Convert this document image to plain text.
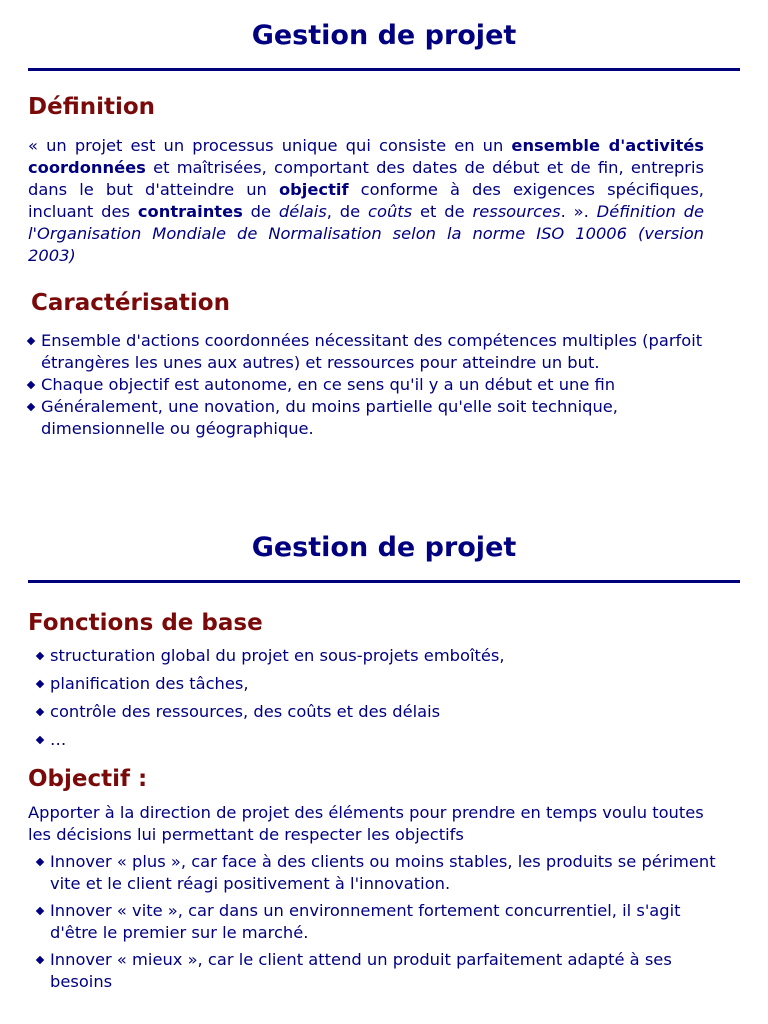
Gestion de projet
Définition

« un projet est un processus unique qui consiste en un ensemble d'activités coordonnées et maîtrisées, comportant des dates de début et de fin, entrepris dans le but d'atteindre un objectif conforme à des exigences spécifiques, incluant des contraintes de délais, de coûts et de ressources. ». Définition de l'Organisation Mondiale de Normalisation selon la norme ISO 10006 (version 2003)

Caractérisation
Ensemble d'actions coordonnées nécessitant des compétences multiples (parfoit étrangères les unes aux autres) et ressources pour atteindre un but.
Chaque objectif est autonome, en ce sens qu'il y a un début et une fin
Généralement, une novation, du moins partielle qu'elle soit technique, dimensionnelle ou géographique.
Gestion de projet
Fonctions de base
structuration global du projet en sous-projets emboîtés,
planification des tâches,
contrôle des ressources, des coûts et des délais
…
Objectif :

Apporter à la direction de projet des éléments pour prendre en temps voulu toutes les décisions lui permettant de respecter les objectifs

Innover « plus », car face à des clients ou moins stables, les produits se périment vite et le client réagi positivement à l'innovation.
Innover « vite », car dans un environnement fortement concurrentiel, il s'agit d'être le premier sur le marché.
Innover « mieux », car le client attend un produit parfaitement adapté à ses besoins
